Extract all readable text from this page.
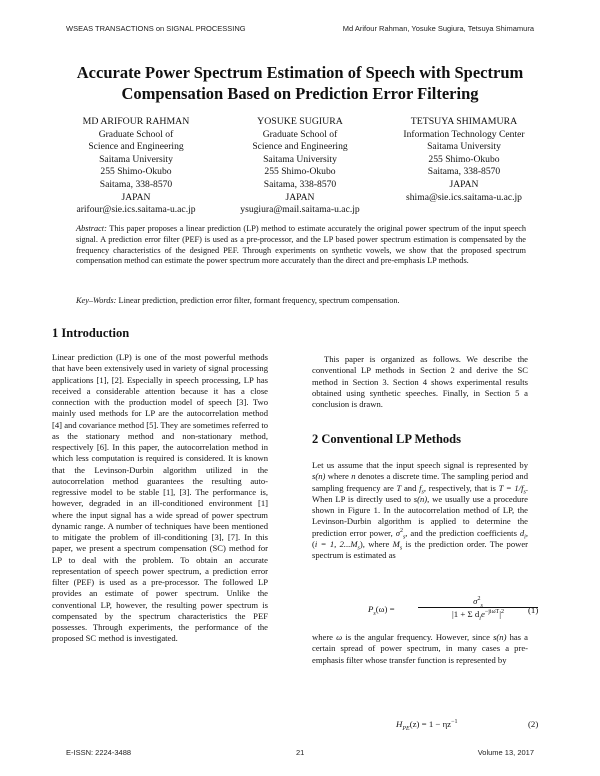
WSEAS TRANSACTIONS on SIGNAL PROCESSING	Md Arifour Rahman, Yosuke Sugiura, Tetsuya Shimamura
Accurate Power Spectrum Estimation of Speech with Spectrum
Compensation Based on Prediction Error Filtering
MD ARIFOUR RAHMAN
Graduate School of
Science and Engineering
Saitama University
255 Shimo-Okubo
Saitama, 338-8570
JAPAN
arifour@sie.ics.saitama-u.ac.jp
YOSUKE SUGIURA
Graduate School of
Science and Engineering
Saitama University
255 Shimo-Okubo
Saitama, 338-8570
JAPAN
ysugiura@mail.saitama-u.ac.jp
TETSUYA SHIMAMURA
Information Technology Center
Saitama University
255 Shimo-Okubo
Saitama, 338-8570
JAPAN
shima@sie.ics.saitama-u.ac.jp
Abstract: This paper proposes a linear prediction (LP) method to estimate accurately the original power spectrum of the input speech signal. A prediction error filter (PEF) is used as a pre-processor, and the LP based power spectrum estimation is compensated by the frequency characteristics of the designed PEF. Through experiments on synthetic vowels, we show that the proposed spectrum compensation method can estimate the power spectrum more accurately than the direct and pre-emphasis LP methods.
Key–Words: Linear prediction, prediction error filter, formant frequency, spectrum compensation.
1 Introduction

Linear prediction (LP) is one of the most powerful methods that have been extensively used in variety of signal processing applications [1], [2]. Especially in speech processing, LP has received a considerable attention because it has a close connection with the production model of speech [3]. Two mainly used methods for LP are the autocorrelation method [4] and covariance method [5]. They are sometimes referred to as the stationary method and non-stationary method, respectively [6]. In this paper, the autocorrelation method in which less computation is required is considered. It is known that the Levinson-Durbin algorithm utilized in the autocorrelation method guarantees the resulting auto-regressive model to be stable [1], [3]. The performance is, however, degraded in an ill-conditioned environment [1] where the input signal has a wide spread of power spectrum dynamic range. A number of techniques have been mentioned to mitigate the problem of ill-conditioning [3], [7]. In this paper, we present a spectrum compensation (SC) method for LP to deal with the problem. To obtain an accurate representation of speech power spectrum, a prediction error filter (PEF) is used as a pre-processor. The followed LP provides an estimate of power spectrum. Unlike the conventional LP, however, the resulting power spectrum is compensated by the spectrum characteristics the PEF possesses. Through experiments, the performance of the proposed SC method is investigated.

This paper is organized as follows. We describe the conventional LP methods in Section 2 and derive the SC method in Section 3. Section 4 shows experimental results obtained using synthetic speeches. Finally, in Section 5 a conclusion is drawn.

2 Conventional LP Methods

Let us assume that the input speech signal is represented by s(n) where n denotes a discrete time. The sampling period and sampling frequency are T and $f_s$, respectively, that is $T = 1/f_s$. When LP is directly used to s(n), we usually use a procedure shown in Figure 1. In the autocorrelation method of LP, the Levinson-Durbin algorithm is applied to determine the prediction error power, $\sigma^2_s$, and the prediction coefficients $d_i$, (i = 1, $2...M_s$), where $M_s$ is the prediction order. The power spectrum is estimated as

$P_s(\omega)$ =
$\sigma^2_s$
|1 + Σ $d_ie^{-ji\omega T}|^2$	(1)

where ω is the angular frequency. However, since s(n) has a certain spread of power spectrum, in many cases a pre-emphasis filter whose transfer function is represented by

$H_{PE}(z) = 1 - \eta z^{-1}$	(2)
E-ISSN: 2224-3488	21	Volume 13, 2017
